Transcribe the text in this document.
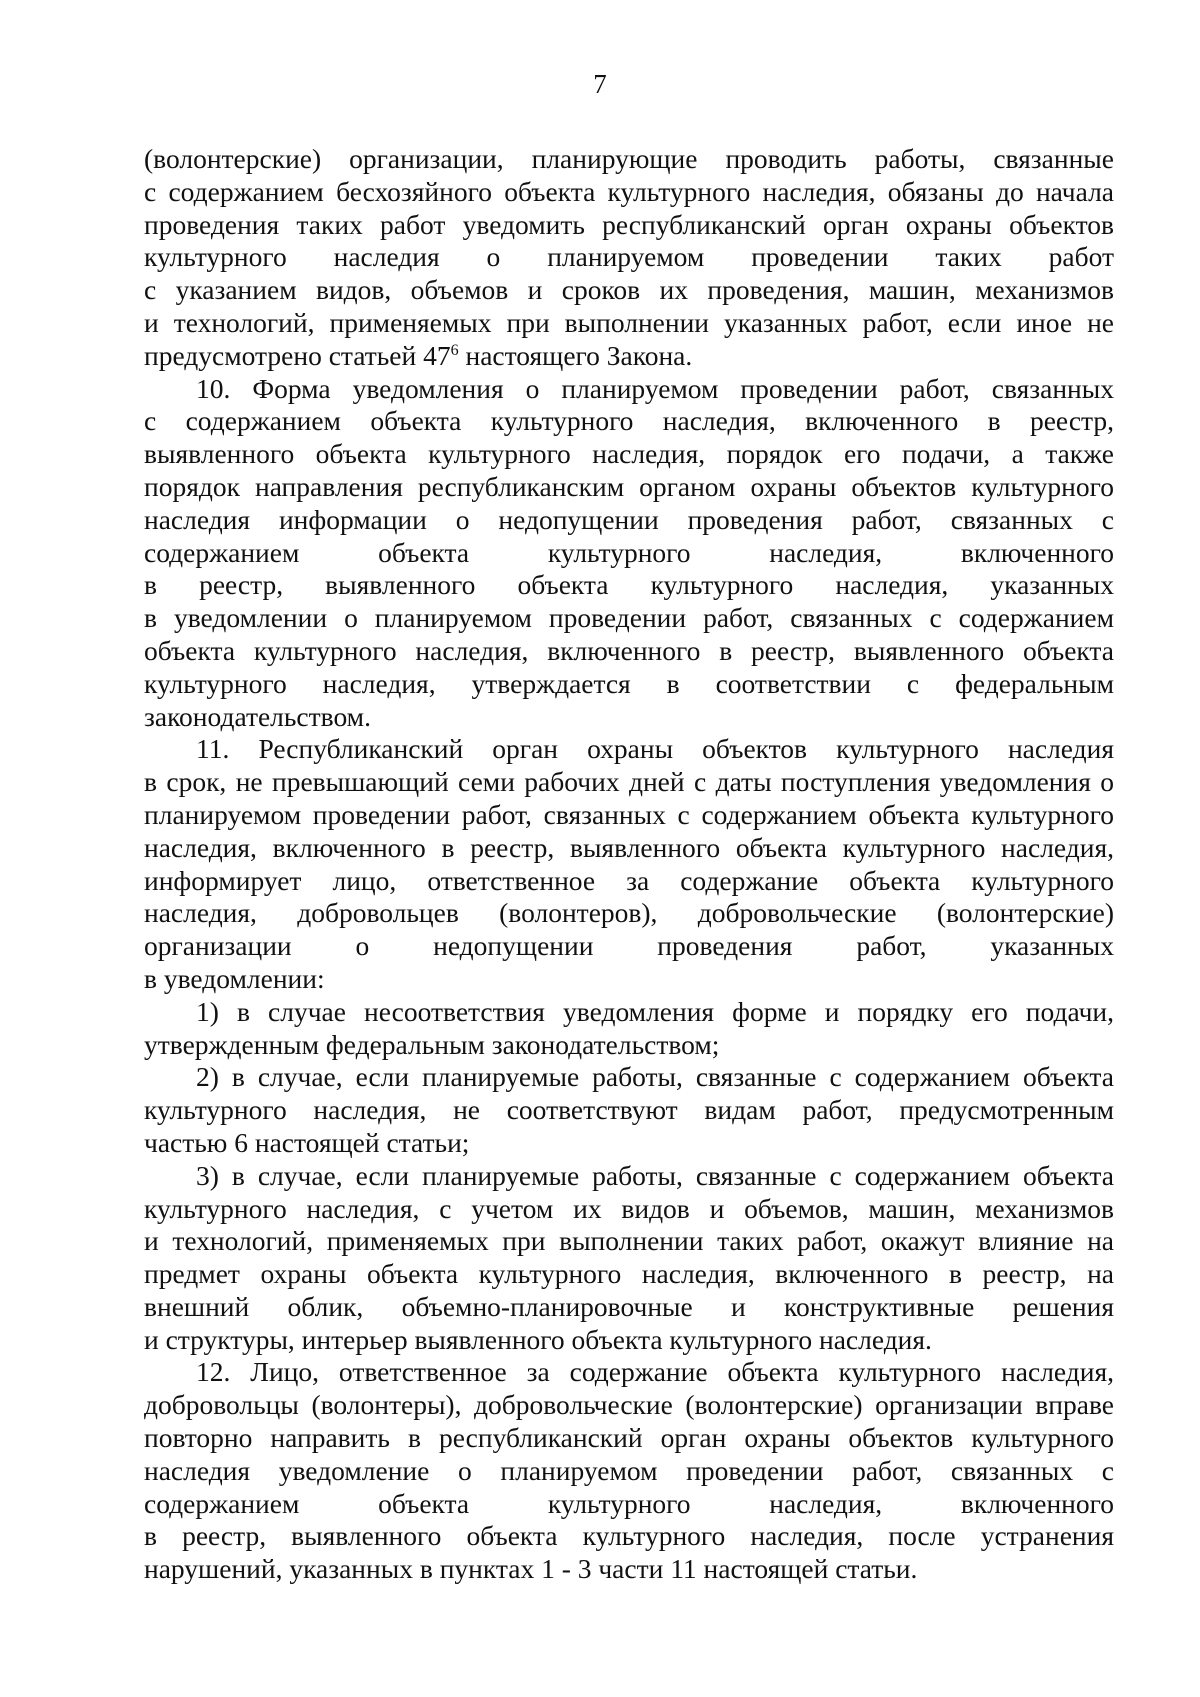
7
(волонтерские) организации, планирующие проводить работы, связанные
с содержанием бесхозяйного объекта культурного наследия, обязаны до начала
проведения таких работ уведомить республиканский орган охраны объектов
культурного наследия о планируемом проведении таких работ
с указанием видов, объемов и сроков их проведения, машин, механизмов
и технологий, применяемых при выполнении указанных работ, если иное не
предусмотрено статьей $47^6$ настоящего Закона.
10. Форма уведомления о планируемом проведении работ, связанных
с содержанием объекта культурного наследия, включенного в реестр,
выявленного объекта культурного наследия, порядок его подачи, а также
порядок направления республиканским органом охраны объектов культурного
наследия информации о недопущении проведения работ, связанных с
содержанием объекта культурного наследия, включенного
в реестр, выявленного объекта культурного наследия, указанных
в уведомлении о планируемом проведении работ, связанных с содержанием
объекта культурного наследия, включенного в реестр, выявленного объекта
культурного наследия, утверждается в соответствии с федеральным
законодательством.
11. Республиканский орган охраны объектов культурного наследия
в срок, не превышающий семи рабочих дней с даты поступления уведомления о
планируемом проведении работ, связанных с содержанием объекта культурного
наследия, включенного в реестр, выявленного объекта культурного наследия,
информирует лицо, ответственное за содержание объекта культурного
наследия, добровольцев (волонтеров), добровольческие (волонтерские)
организации о недопущении проведения работ, указанных
в уведомлении:
1) в случае несоответствия уведомления форме и порядку его подачи,
утвержденным федеральным законодательством;
2) в случае, если планируемые работы, связанные с содержанием объекта
культурного наследия, не соответствуют видам работ, предусмотренным
частью 6 настоящей статьи;
3) в случае, если планируемые работы, связанные с содержанием объекта
культурного наследия, с учетом их видов и объемов, машин, механизмов
и технологий, применяемых при выполнении таких работ, окажут влияние на
предмет охраны объекта культурного наследия, включенного в реестр, на
внешний облик, объемно-планировочные и конструктивные решения
и структуры, интерьер выявленного объекта культурного наследия.
12. Лицо, ответственное за содержание объекта культурного наследия,
добровольцы (волонтеры), добровольческие (волонтерские) организации вправе
повторно направить в республиканский орган охраны объектов культурного
наследия уведомление о планируемом проведении работ, связанных с
содержанием объекта культурного наследия, включенного
в реестр, выявленного объекта культурного наследия, после устранения
нарушений, указанных в пунктах 1 - 3 части 11 настоящей статьи.
